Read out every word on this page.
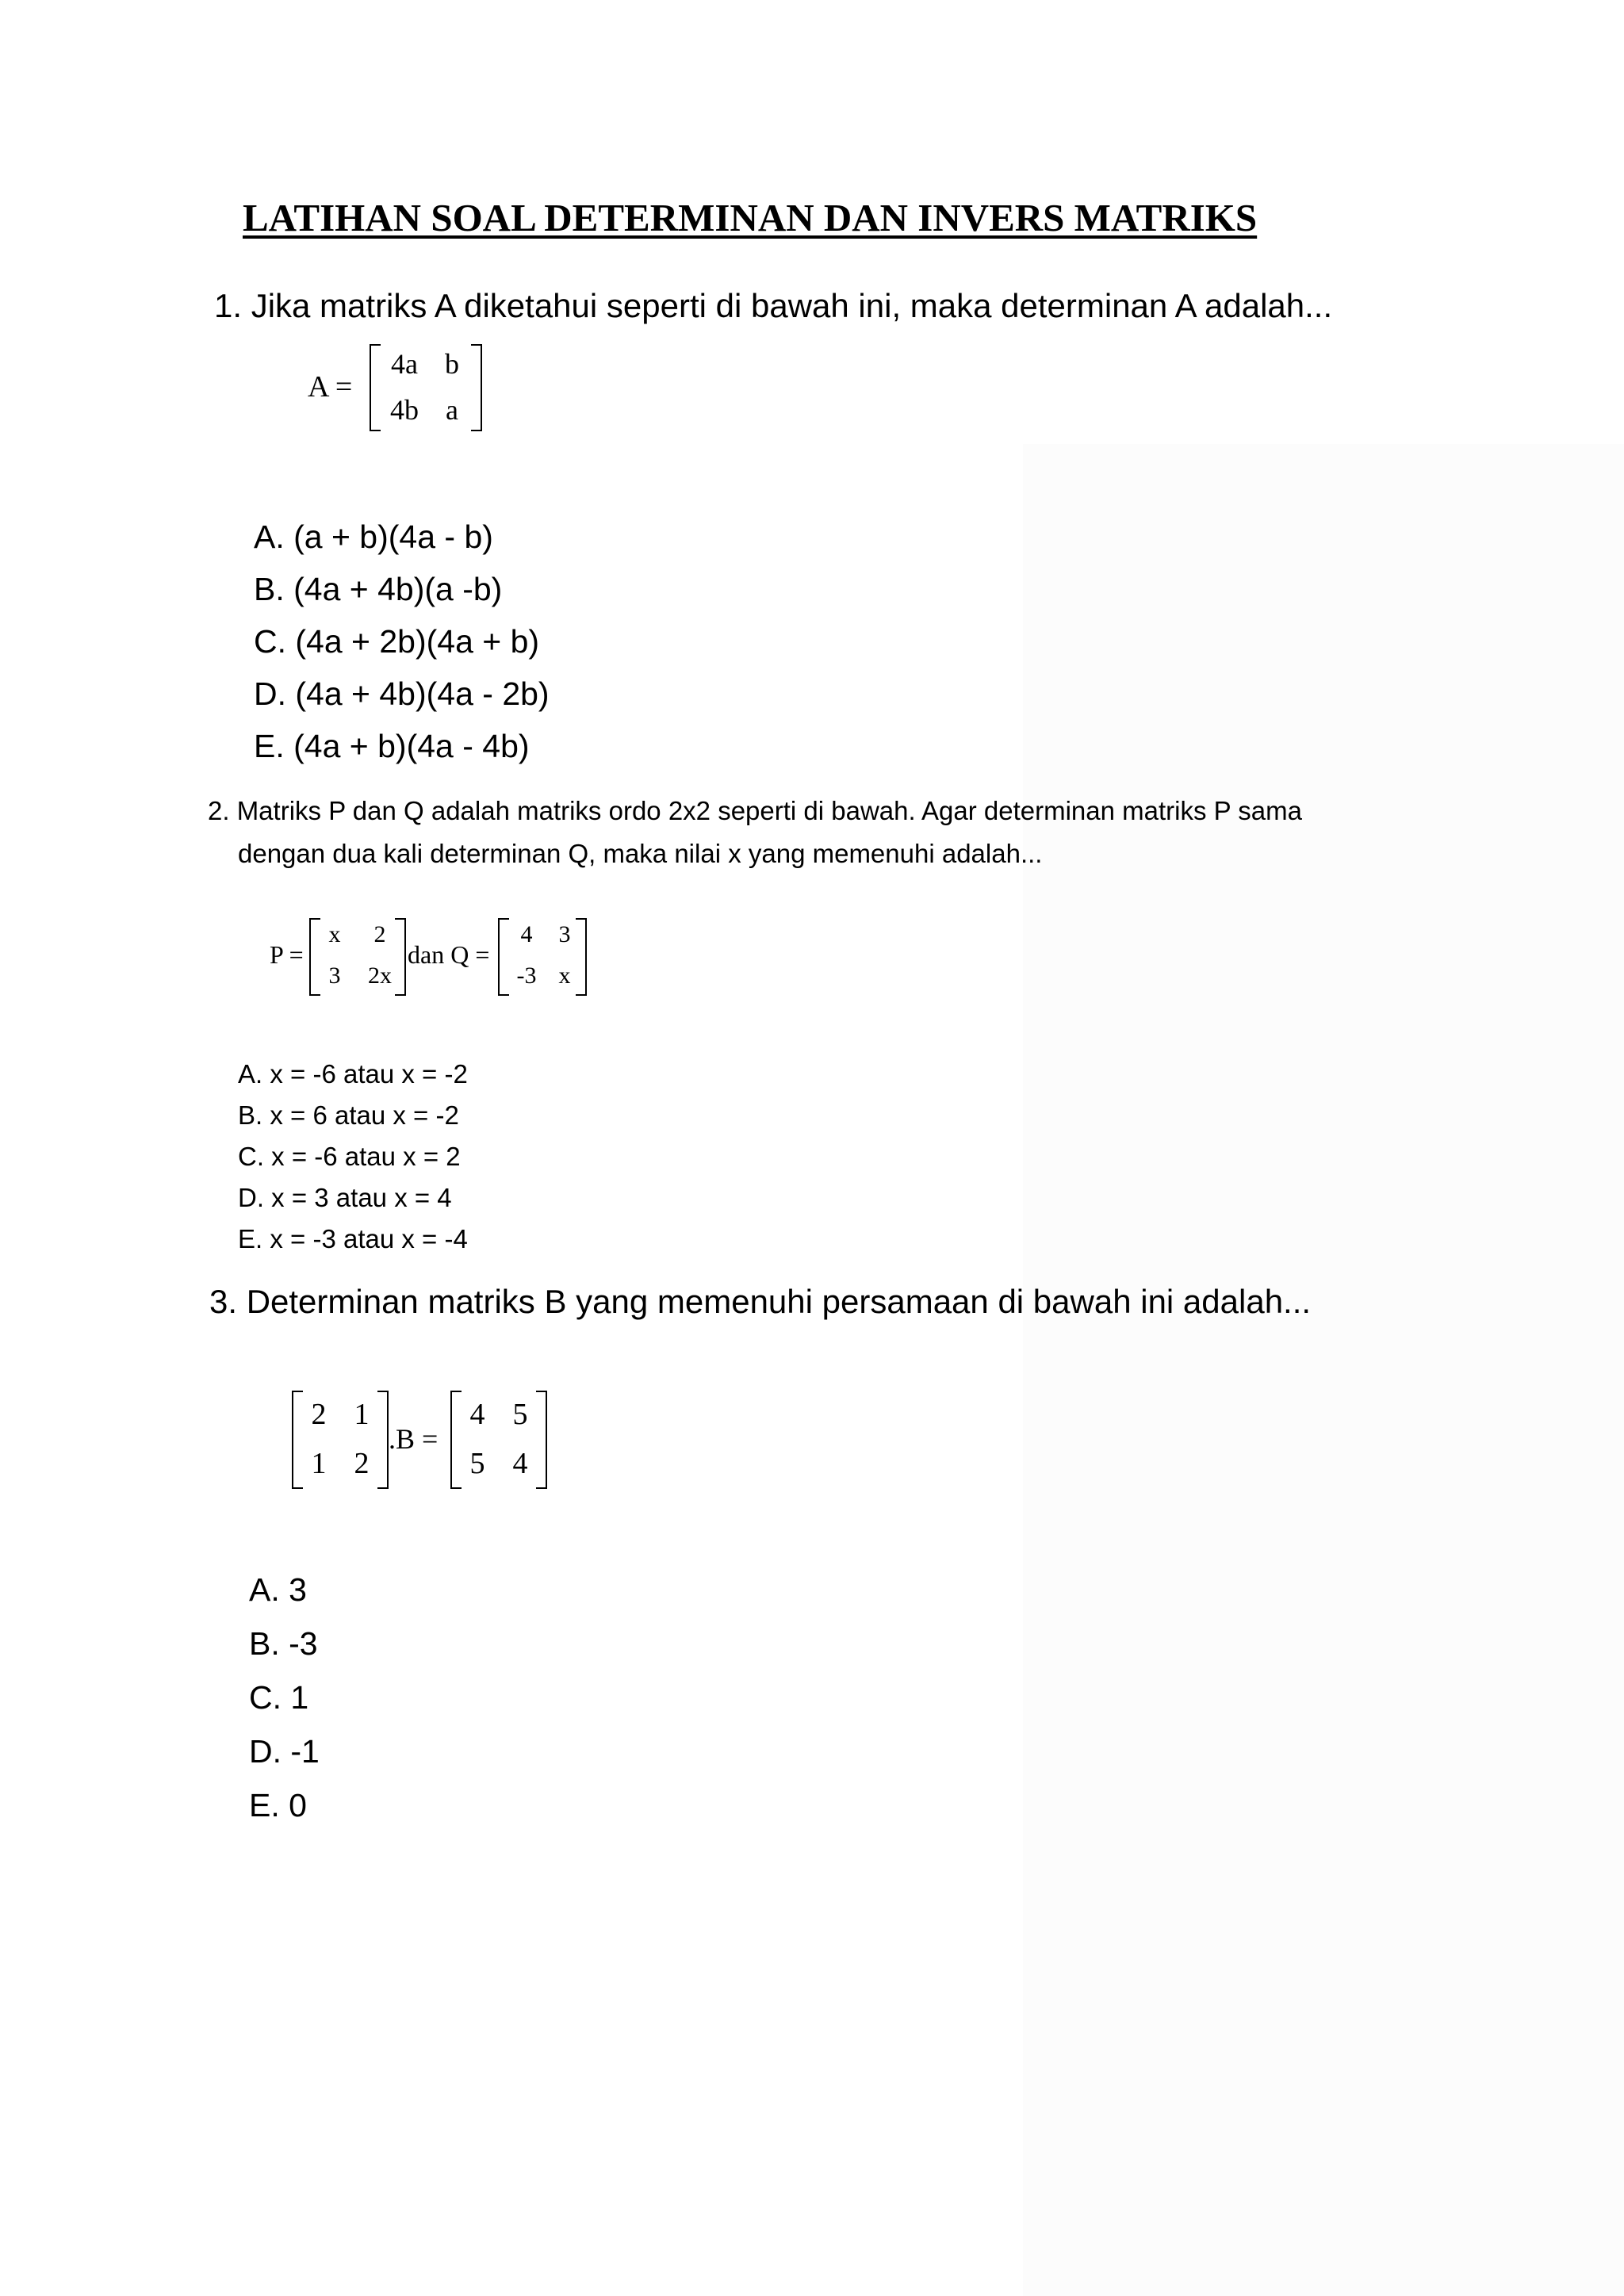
LATIHAN SOAL DETERMINAN DAN INVERS MATRIKS
1. Jika matriks A diketahui seperti di bawah ini, maka determinan A adalah...
A =
4a b
4b a
A. (a + b)(4a - b)
B. (4a + 4b)(a -b)
C. (4a + 2b)(4a + b)
D. (4a + 4b)(4a - 2b)
E. (4a + b)(4a - 4b)
2. Matriks P dan Q adalah matriks ordo 2x2 seperti di bawah. Agar determinan matriks P sama
dengan dua kali determinan Q, maka nilai x yang memenuhi adalah...
P =
x	2
3	2x
dan Q =
4	3
-3 x
A. x = -6 atau x = -2
B. x = 6 atau x = -2
C. x = -6 atau x = 2
D. x = 3 atau x = 4
E. x = -3 atau x = -4
3. Determinan matriks B yang memenuhi persamaan di bawah ini adalah...
2 1
1 2
.B =
4 5
5 4
A. 3
B. -3
C. 1
D. -1
E. 0
